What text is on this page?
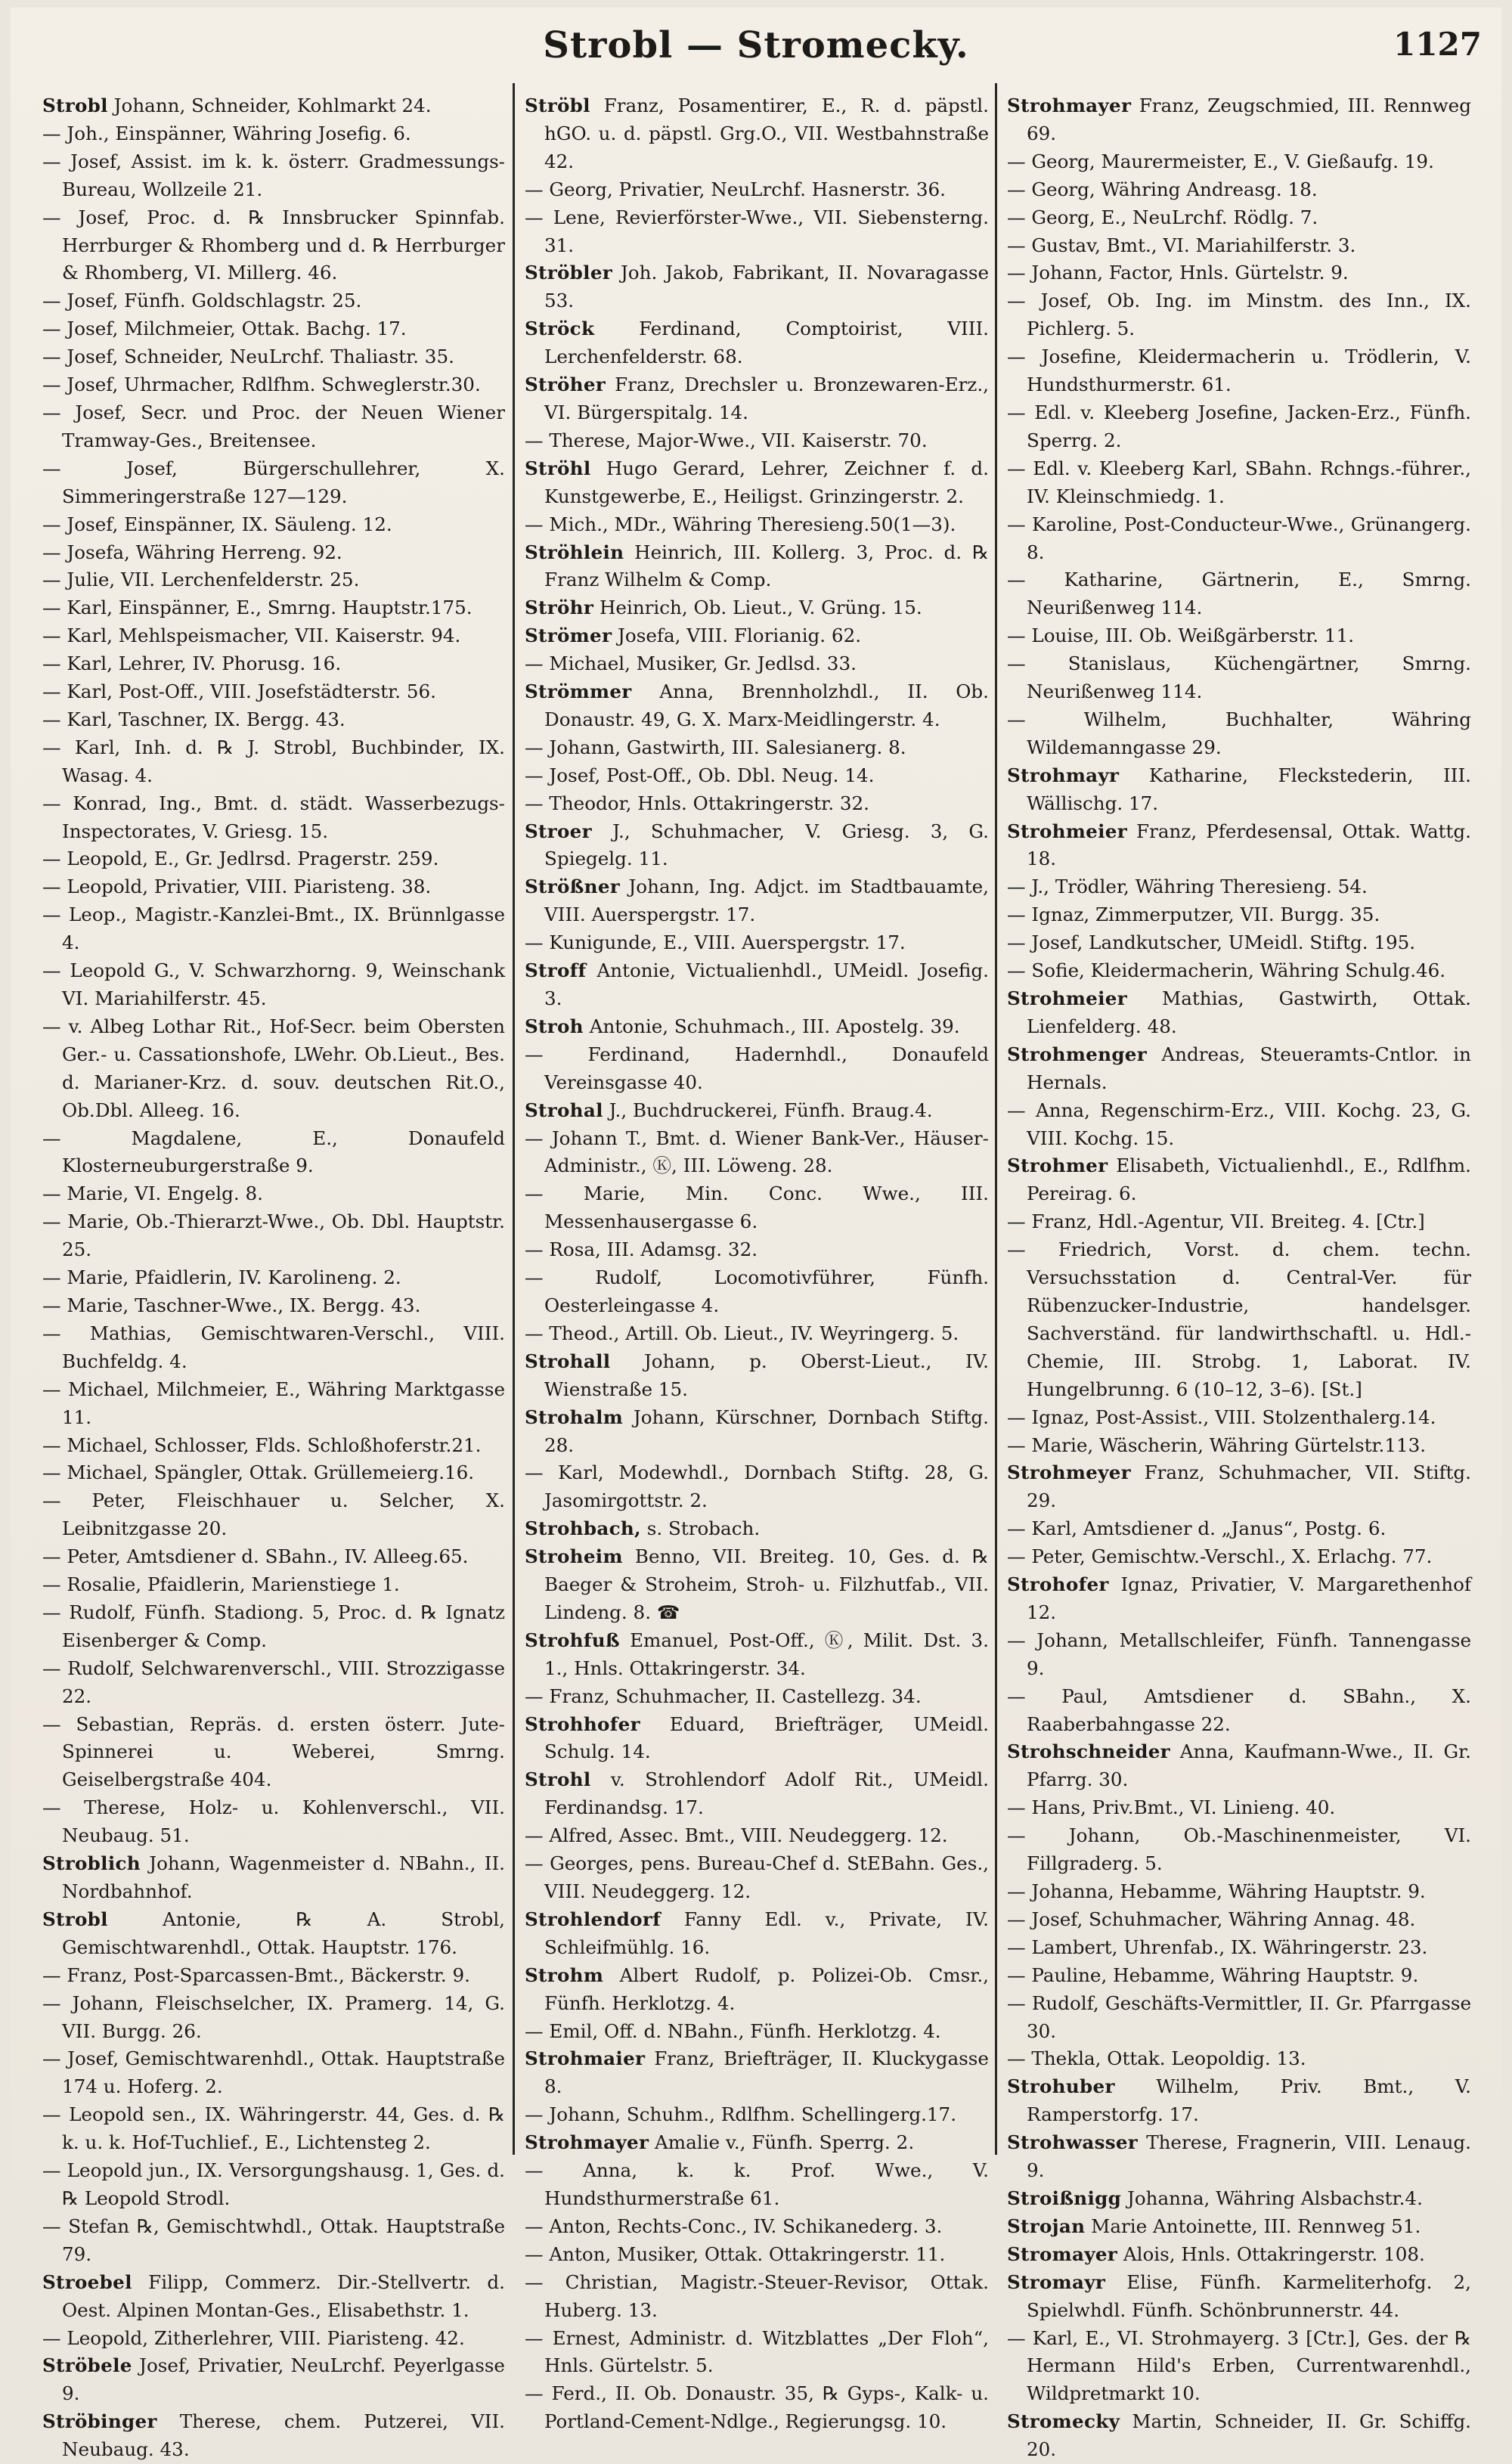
Strobl — Stromecky.	1127

Strobl Johann, Schneider, Kohlmarkt 24.

— Joh., Einspänner, Währing Josefig. 6.

— Josef, Assist. im k. k. österr. Gradmessungs-Bureau, Wollzeile 21.

— Josef, Proc. d. ℞ Innsbrucker Spinnfab. Herrburger & Rhomberg und d. ℞ Herrburger & Rhomberg, VI. Millerg. 46.

— Josef, Fünfh. Goldschlagstr. 25.

— Josef, Milchmeier, Ottak. Bachg. 17.

— Josef, Schneider, NeuLrchf. Thaliastr. 35.

— Josef, Uhrmacher, Rdlfhm. Schweglerstr.30.

— Josef, Secr. und Proc. der Neuen Wiener Tramway-Ges., Breitensee.

— Josef, Bürgerschullehrer, X. Simmeringerstraße 127—129.

— Josef, Einspänner, IX. Säuleng. 12.

— Josefa, Währing Herreng. 92.

— Julie, VII. Lerchenfelderstr. 25.

— Karl, Einspänner, E., Smrng. Hauptstr.175.

— Karl, Mehlspeismacher, VII. Kaiserstr. 94.

— Karl, Lehrer, IV. Phorusg. 16.

— Karl, Post-Off., VIII. Josefstädterstr. 56.

— Karl, Taschner, IX. Bergg. 43.

— Karl, Inh. d. ℞ J. Strobl, Buchbinder, IX. Wasag. 4.

— Konrad, Ing., Bmt. d. städt. Wasserbezugs-Inspectorates, V. Griesg. 15.

— Leopold, E., Gr. Jedlrsd. Pragerstr. 259.

— Leopold, Privatier, VIII. Piaristeng. 38.

— Leop., Magistr.-Kanzlei-Bmt., IX. Brünnlgasse 4.

— Leopold G., V. Schwarzhorng. 9, Weinschank VI. Mariahilferstr. 45.

— v. Albeg Lothar Rit., Hof-Secr. beim Obersten Ger.- u. Cassationshofe, LWehr. Ob.Lieut., Bes. d. Marianer-Krz. d. souv. deutschen Rit.O., Ob.Dbl. Alleeg. 16.

— Magdalene, E., Donaufeld Klosterneuburgerstraße 9.

— Marie, VI. Engelg. 8.

— Marie, Ob.-Thierarzt-Wwe., Ob. Dbl. Hauptstr. 25.

— Marie, Pfaidlerin, IV. Karolineng. 2.

— Marie, Taschner-Wwe., IX. Bergg. 43.

— Mathias, Gemischtwaren-Verschl., VIII. Buchfeldg. 4.

— Michael, Milchmeier, E., Währing Marktgasse 11.

— Michael, Schlosser, Flds. Schloßhoferstr.21.

— Michael, Spängler, Ottak. Grüllemeierg.16.

— Peter, Fleischhauer u. Selcher, X. Leibnitzgasse 20.

— Peter, Amtsdiener d. SBahn., IV. Alleeg.65.

— Rosalie, Pfaidlerin, Marienstiege 1.

— Rudolf, Fünfh. Stadiong. 5, Proc. d. ℞ Ignatz Eisenberger & Comp.

— Rudolf, Selchwarenverschl., VIII. Strozzigasse 22.

— Sebastian, Repräs. d. ersten österr. Jute-Spinnerei u. Weberei, Smrng. Geiselbergstraße 404.

— Therese, Holz- u. Kohlenverschl., VII. Neubaug. 51.

Stroblich Johann, Wagenmeister d. NBahn., II. Nordbahnhof.

Strobl	Antonie, ℞ A. Strobl, Gemischtwarenhdl., Ottak. Hauptstr. 176.

— Franz, Post-Sparcassen-Bmt., Bäckerstr. 9.

— Johann, Fleischselcher, IX. Pramerg. 14, G. VII. Burgg. 26.

— Josef, Gemischtwarenhdl., Ottak. Hauptstraße 174 u. Hoferg. 2.

— Leopold sen., IX. Währingerstr. 44, Ges. d. ℞ k. u. k. Hof-Tuchlief., E., Lichtensteg 2.

— Leopold jun., IX. Versorgungshausg. 1, Ges. d. ℞ Leopold Strodl.

— Stefan ℞, Gemischtwhdl., Ottak. Hauptstraße 79.

Stroebel Filipp, Commerz. Dir.-Stellvertr. d. Oest. Alpinen Montan-Ges., Elisabethstr. 1.

— Leopold, Zitherlehrer, VIII. Piaristeng. 42.

Ströbele Josef, Privatier, NeuLrchf. Peyerlgasse 9.

Ströbinger Therese, chem. Putzerei, VII. Neubaug. 43.

Ströbl Franz, Posamentirer, E., R. d. päpstl. hGO. u. d. päpstl. Grg.O., VII. Westbahnstraße 42.

— Georg, Privatier, NeuLrchf. Hasnerstr. 36.

— Lene, Revierförster-Wwe., VII. Siebensterng. 31.

Ströbler Joh. Jakob, Fabrikant, II. Novaragasse 53.

Ströck Ferdinand, Comptoirist, VIII. Lerchenfelderstr. 68.

Ströher Franz, Drechsler u. Bronzewaren-Erz., VI. Bürgerspitalg. 14.

— Therese, Major-Wwe., VII. Kaiserstr. 70.

Ströhl Hugo Gerard, Lehrer, Zeichner f. d. Kunstgewerbe, E., Heiligst. Grinzingerstr. 2.

— Mich., MDr., Währing Theresieng.50(1—3).

Ströhlein Heinrich, III. Kollerg. 3, Proc. d. ℞ Franz Wilhelm & Comp.

Ströhr Heinrich, Ob. Lieut., V. Grüng. 15.

Strömer Josefa, VIII. Florianig. 62.

— Michael, Musiker, Gr. Jedlsd. 33.

Strömmer Anna, Brennholzhdl., II. Ob. Donaustr. 49, G. X. Marx-Meidlingerstr. 4.

— Johann, Gastwirth, III. Salesianerg. 8.

— Josef, Post-Off., Ob. Dbl. Neug. 14.

— Theodor, Hnls. Ottakringerstr. 32.

Stroer J., Schuhmacher, V. Griesg. 3, G. Spiegelg. 11.

Strößner Johann, Ing. Adjct. im Stadtbauamte, VIII. Auerspergstr. 17.

— Kunigunde, E., VIII. Auerspergstr. 17.

Stroff Antonie, Victualienhdl., UMeidl. Josefig. 3.

Stroh Antonie, Schuhmach., III. Apostelg. 39.

— Ferdinand, Hadernhdl., Donaufeld Vereinsgasse 40.

Strohal J., Buchdruckerei, Fünfh. Braug.4.

— Johann T., Bmt. d. Wiener Bank-Ver., Häuser-Administr., Ⓚ, III. Löweng. 28.

— Marie, Min. Conc. Wwe., III. Messenhausergasse 6.

— Rosa, III. Adamsg. 32.

— Rudolf, Locomotivführer, Fünfh. Oesterleingasse 4.

— Theod., Artill. Ob. Lieut., IV. Weyringerg. 5.

Strohall Johann, p. Oberst-Lieut., IV. Wienstraße 15.

Strohalm Johann, Kürschner, Dornbach Stiftg. 28.

— Karl, Modewhdl., Dornbach Stiftg. 28, G. Jasomirgottstr. 2.

Strohbach, s. Strobach.

Stroheim Benno, VII. Breiteg. 10, Ges. d. ℞ Baeger & Stroheim, Stroh- u. Filzhutfab., VII. Lindeng. 8. ☎

Strohfuß Emanuel, Post-Off., Ⓚ, Milit. Dst. 3. 1., Hnls. Ottakringerstr. 34.

— Franz, Schuhmacher, II. Castellezg. 34.

Strohhofer Eduard, Briefträger, UMeidl. Schulg. 14.

Strohl v. Strohlendorf Adolf Rit., UMeidl. Ferdinandsg. 17.

— Alfred, Assec. Bmt., VIII. Neudeggerg. 12.

— Georges, pens. Bureau-Chef d. StEBahn. Ges., VIII. Neudeggerg. 12.

Strohlendorf Fanny Edl. v., Private, IV. Schleifmühlg. 16.

Strohm Albert Rudolf, p. Polizei-Ob. Cmsr., Fünfh. Herklotzg. 4.

— Emil, Off. d. NBahn., Fünfh. Herklotzg. 4.

Strohmaier Franz, Briefträger, II. Kluckygasse 8.

— Johann, Schuhm., Rdlfhm. Schellingerg.17.

Strohmayer Amalie v., Fünfh. Sperrg. 2.

— Anna, k. k. Prof. Wwe., V. Hundsthurmerstraße 61.

— Anton, Rechts-Conc., IV. Schikanederg. 3.

— Anton, Musiker, Ottak. Ottakringerstr. 11.

— Christian, Magistr.-Steuer-Revisor, Ottak. Huberg. 13.

— Ernest, Administr. d. Witzblattes „Der Floh“, Hnls. Gürtelstr. 5.

— Ferd., II. Ob. Donaustr. 35, ℞ Gyps-, Kalk- u. Portland-Cement-Ndlge., Regierungsg. 10.

Strohmayer Franz, Zeugschmied, III. Rennweg 69.

— Georg, Maurermeister, E., V. Gießaufg. 19.

— Georg, Währing Andreasg. 18.

— Georg, E., NeuLrchf. Rödlg. 7.

— Gustav, Bmt., VI. Mariahilferstr. 3.

— Johann, Factor, Hnls. Gürtelstr. 9.

— Josef, Ob. Ing. im Minstm. des Inn., IX. Pichlerg. 5.

— Josefine, Kleidermacherin u. Trödlerin, V. Hundsthurmerstr. 61.

— Edl. v. Kleeberg Josefine, Jacken-Erz., Fünfh. Sperrg. 2.

— Edl. v. Kleeberg Karl, SBahn. Rchngs.-führer., IV. Kleinschmiedg. 1.

— Karoline, Post-Conducteur-Wwe., Grünangerg. 8.

— Katharine, Gärtnerin, E., Smrng. Neurißenweg 114.

— Louise, III. Ob. Weißgärberstr. 11.

— Stanislaus, Küchengärtner, Smrng. Neurißenweg 114.

— Wilhelm, Buchhalter, Währing Wildemanngasse 29.

Strohmayr Katharine, Fleckstederin, III. Wällischg. 17.

Strohmeier Franz, Pferdesensal, Ottak. Wattg. 18.

— J., Trödler, Währing Theresieng. 54.

— Ignaz, Zimmerputzer, VII. Burgg. 35.

— Josef, Landkutscher, UMeidl. Stiftg. 195.

— Sofie, Kleidermacherin, Währing Schulg.46.

Strohmeier Mathias, Gastwirth, Ottak. Lienfelderg. 48.

Strohmenger Andreas, Steueramts-Cntlor. in Hernals.

— Anna, Regenschirm-Erz., VIII. Kochg. 23, G. VIII. Kochg. 15.

Strohmer Elisabeth, Victualienhdl., E., Rdlfhm. Pereirag. 6.

— Franz, Hdl.-Agentur, VII. Breiteg. 4. [Ctr.]

— Friedrich, Vorst. d. chem. techn. Versuchsstation d. Central-Ver. für Rübenzucker-Industrie, handelsger. Sachverständ. für landwirthschaftl. u. Hdl.-Chemie, III. Strobg. 1, Laborat. IV. Hungelbrunng. 6 (10–12, 3–6). [St.]

— Ignaz, Post-Assist., VIII. Stolzenthalerg.14.

— Marie, Wäscherin, Währing Gürtelstr.113.

Strohmeyer Franz, Schuhmacher, VII. Stiftg. 29.

— Karl, Amtsdiener d. „Janus“, Postg. 6.

— Peter, Gemischtw.-Verschl., X. Erlachg. 77.

Strohofer Ignaz, Privatier, V. Margarethenhof 12.

— Johann, Metallschleifer, Fünfh. Tannengasse 9.

— Paul, Amtsdiener d. SBahn., X. Raaberbahngasse 22.

Strohschneider Anna, Kaufmann-Wwe., II. Gr. Pfarrg. 30.

— Hans, Priv.Bmt., VI. Linieng. 40.

— Johann, Ob.-Maschinenmeister, VI. Fillgraderg. 5.

— Johanna, Hebamme, Währing Hauptstr. 9.

— Josef, Schuhmacher, Währing Annag. 48.

— Lambert, Uhrenfab., IX. Währingerstr. 23.

— Pauline, Hebamme, Währing Hauptstr. 9.

— Rudolf, Geschäfts-Vermittler, II. Gr. Pfarrgasse 30.

— Thekla, Ottak. Leopoldig. 13.

Strohuber Wilhelm, Priv. Bmt., V. Ramperstorfg. 17.

Strohwasser Therese, Fragnerin, VIII. Lenaug. 9.

Stroißnigg Johanna, Währing Alsbachstr.4.

Strojan Marie Antoinette, III. Rennweg 51.

Stromayer Alois, Hnls. Ottakringerstr. 108.

Stromayr Elise, Fünfh. Karmeliterhofg. 2, Spielwhdl. Fünfh. Schönbrunnerstr. 44.

— Karl, E., VI. Strohmayerg. 3 [Ctr.], Ges. der ℞ Hermann Hild's Erben, Currentwarenhdl., Wildpretmarkt 10.

Stromecky Martin, Schneider, II. Gr. Schiffg. 20.
